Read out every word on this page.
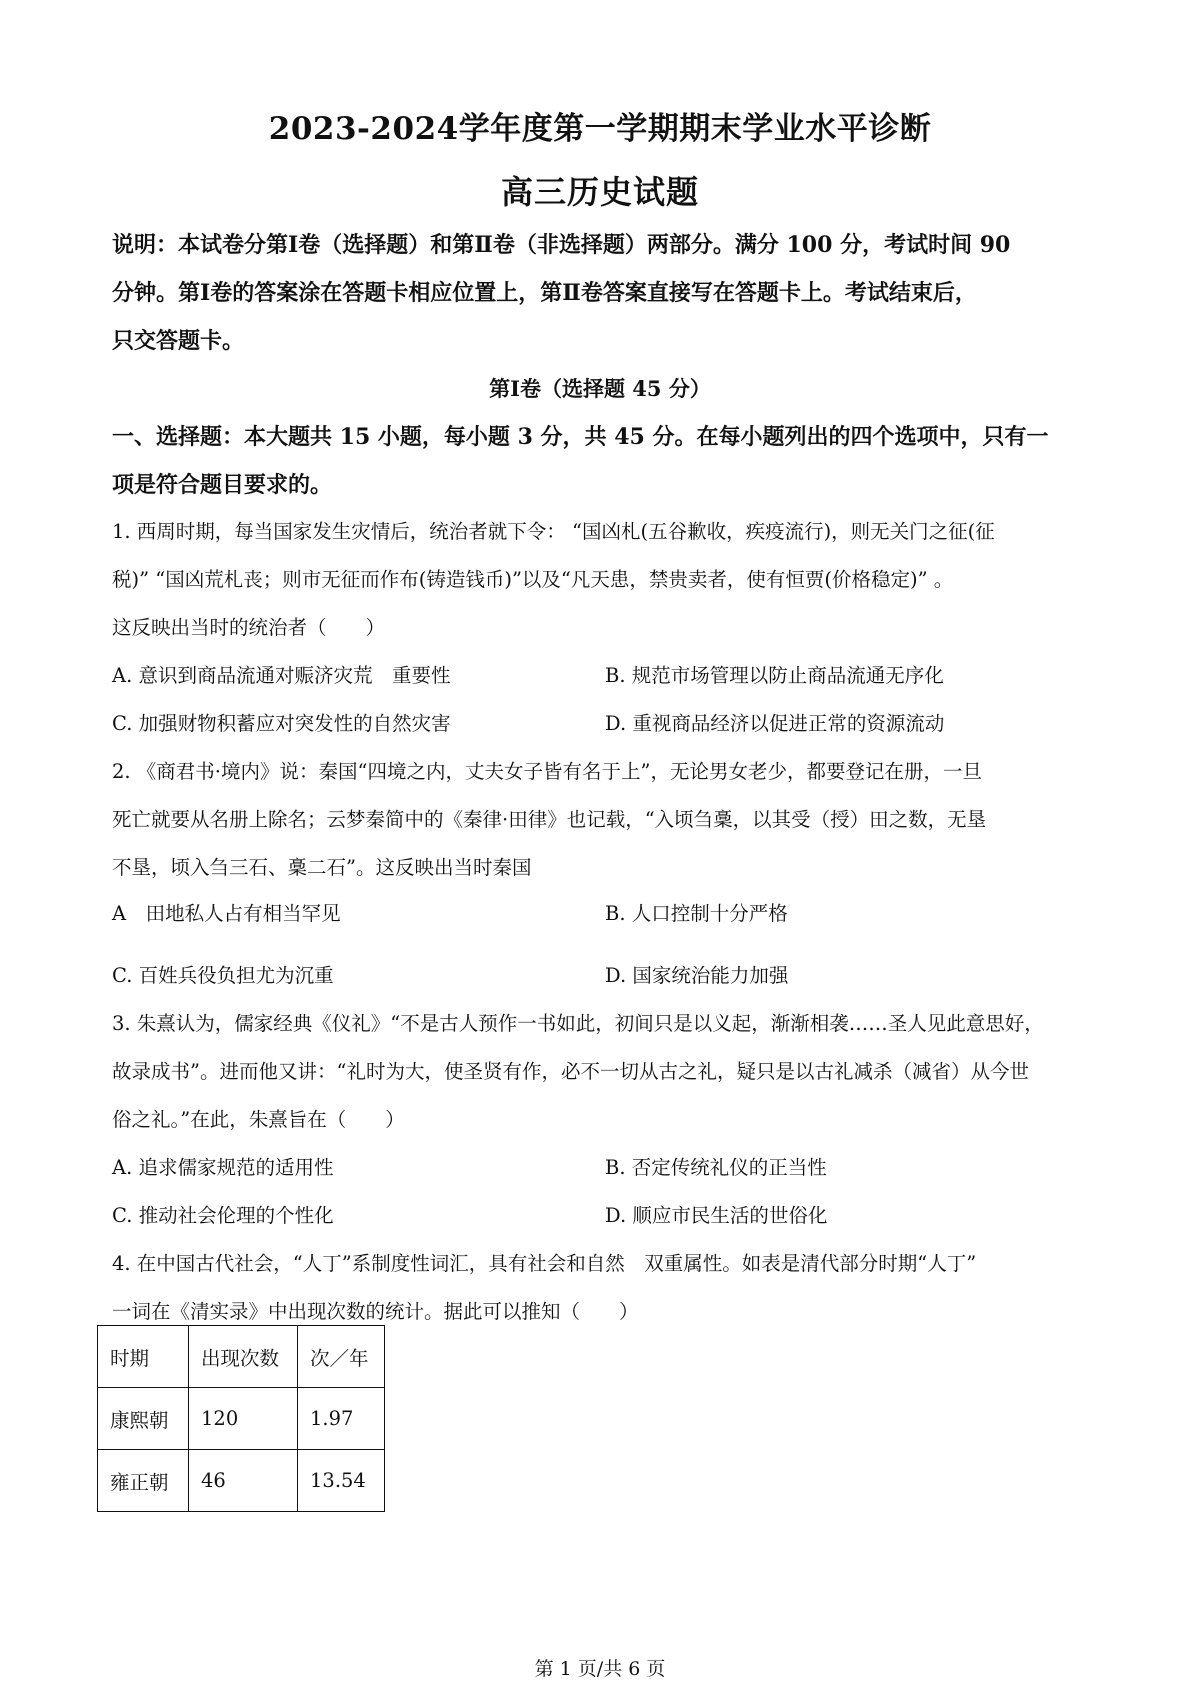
2023-2024学年度第一学期期末学业水平诊断
高三历史试题
说明：本试卷分第Ⅰ卷（选择题）和第Ⅱ卷（非选择题）两部分。满分 100 分，考试时间 90
分钟。第Ⅰ卷的答案涂在答题卡相应位置上，第Ⅱ卷答案直接写在答题卡上。考试结束后，
只交答题卡。
第Ⅰ卷（选择题 45 分）
一、选择题：本大题共 15 小题，每小题 3 分，共 45 分。在每小题列出的四个选项中，只有一
项是符合题目要求的。
1. 西周时期，每当国家发生灾情后，统治者就下令： “国凶札(五谷歉收，疾疫流行)，则无关门之征(征
税)” “国凶荒札丧；则市无征而作布(铸造钱币)”以及“凡天患，禁贵卖者，使有恒贾(价格稳定)” 。
这反映出当时的统治者（　　）
A. 意识到商品流通对赈济灾荒　重要性	B. 规范市场管理以防止商品流通无序化
C. 加强财物积蓄应对突发性的自然灾害	D. 重视商品经济以促进正常的资源流动
2. 《商君书·境内》说：秦国“四境之内，丈夫女子皆有名于上”，无论男女老少，都要登记在册，一旦
死亡就要从名册上除名；云梦秦简中的《秦律·田律》也记载，“入顷刍稾，以其受（授）田之数，无垦
不垦，顷入刍三石、稾二石”。这反映出当时秦国
A　田地私人占有相当罕见	B. 人口控制十分严格
C. 百姓兵役负担尤为沉重	D. 国家统治能力加强
3. 朱熹认为，儒家经典《仪礼》“不是古人预作一书如此，初间只是以义起，渐渐相袭……圣人见此意思好，
故录成书”。进而他又讲：“礼时为大，使圣贤有作，必不一切从古之礼，疑只是以古礼减杀（减省）从今世
俗之礼。”在此，朱熹旨在（　　）
A. 追求儒家规范的适用性	B. 否定传统礼仪的正当性
C. 推动社会伦理的个性化	D. 顺应市民生活的世俗化
4. 在中国古代社会，“人丁”系制度性词汇，具有社会和自然　双重属性。如表是清代部分时期“人丁”
一词在《清实录》中出现次数的统计。据此可以推知（　　）
时期	出现次数	次／年
康熙朝	120	1.97
雍正朝	46	13.54
第 1 页/共 6 页
